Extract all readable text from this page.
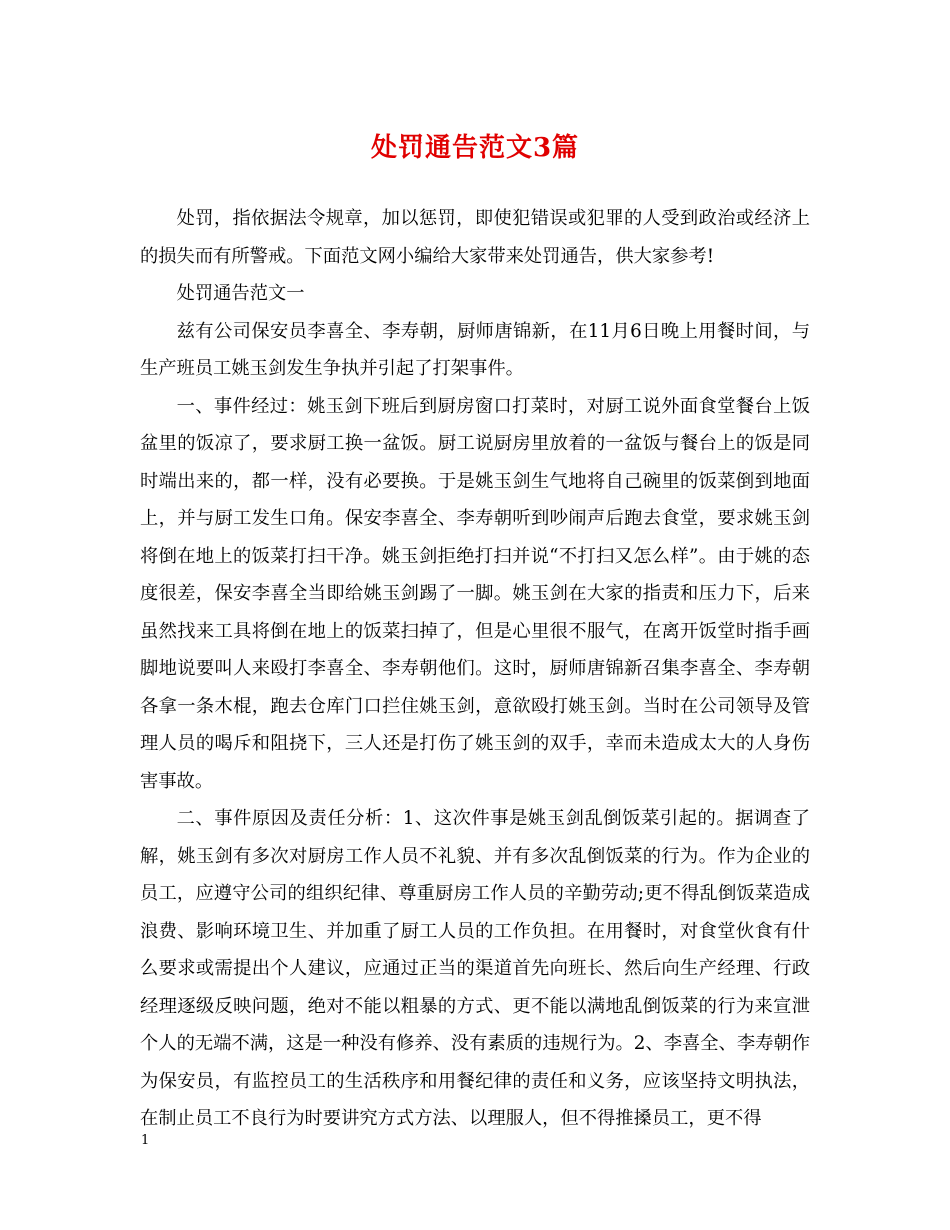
处罚通告范文3篇

处罚，指依据法令规章，加以惩罚，即使犯错误或犯罪的人受到政治或经济上的损失而有所警戒。下面范文网小编给大家带来处罚通告，供大家参考!

处罚通告范文一

兹有公司保安员李喜全、李寿朝，厨师唐锦新，在11月6日晚上用餐时间，与生产班员工姚玉剑发生争执并引起了打架事件。

一、事件经过：姚玉剑下班后到厨房窗口打菜时，对厨工说外面食堂餐台上饭盆里的饭凉了，要求厨工换一盆饭。厨工说厨房里放着的一盆饭与餐台上的饭是同时端出来的，都一样，没有必要换。于是姚玉剑生气地将自己碗里的饭菜倒到地面上，并与厨工发生口角。保安李喜全、李寿朝听到吵闹声后跑去食堂，要求姚玉剑将倒在地上的饭菜打扫干净。姚玉剑拒绝打扫并说“不打扫又怎么样”。由于姚的态度很差，保安李喜全当即给姚玉剑踢了一脚。姚玉剑在大家的指责和压力下，后来虽然找来工具将倒在地上的饭菜扫掉了，但是心里很不服气，在离开饭堂时指手画脚地说要叫人来殴打李喜全、李寿朝他们。这时，厨师唐锦新召集李喜全、李寿朝各拿一条木棍，跑去仓库门口拦住姚玉剑，意欲殴打姚玉剑。当时在公司领导及管理人员的喝斥和阻挠下，三人还是打伤了姚玉剑的双手，幸而未造成太大的人身伤害事故。

二、事件原因及责任分析：1、这次件事是姚玉剑乱倒饭菜引起的。据调查了解，姚玉剑有多次对厨房工作人员不礼貌、并有多次乱倒饭菜的行为。作为企业的员工，应遵守公司的组织纪律、尊重厨房工作人员的辛勤劳动;更不得乱倒饭菜造成浪费、影响环境卫生、并加重了厨工人员的工作负担。在用餐时，对食堂伙食有什么要求或需提出个人建议，应通过正当的渠道首先向班长、然后向生产经理、行政经理逐级反映问题，绝对不能以粗暴的方式、更不能以满地乱倒饭菜的行为来宣泄个人的无端不满，这是一种没有修养、没有素质的违规行为。2、李喜全、李寿朝作为保安员，有监控员工的生活秩序和用餐纪律的责任和义务，应该坚持文明执法，在制止员工不良行为时要讲究方式方法、以理服人，但不得推搡员工，更不得

1
